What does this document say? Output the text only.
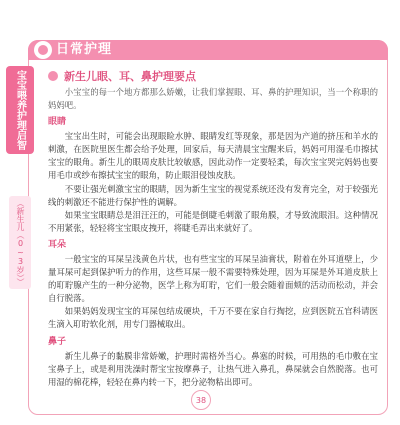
日常护理
宝宝喂养
护理
启智
（新生儿（0~3岁））
新生儿眼、耳、鼻护理要点

小宝宝的每一个地方都那么娇嫩，让我们掌握眼、耳、鼻的护理知识，当一个称职的妈妈吧。

眼睛

宝宝出生时，可能会出现眼睑水肿、眼睛发红等现象，那是因为产道的挤压和羊水的刺激，在医院里医生都会给予处理，回家后，每天清晨宝宝醒来后，妈妈可用湿毛巾擦拭宝宝的眼角。新生儿的眼周皮肤比较敏感，因此动作一定要轻柔，每次宝宝哭完妈妈也要用毛巾或纱布擦拭宝宝的眼角，防止眼泪侵蚀皮肤。

不要让强光刺激宝宝的眼睛，因为新生宝宝的视觉系统还没有发育完全，对于较强光线的刺激还不能进行保护性的调解。

如果宝宝眼睛总是泪汪汪的，可能是倒睫毛刺激了眼角膜，才导致流眼泪。这种情况不用紧张，轻轻将宝宝眼皮拽开，将睫毛弄出来就好了。

耳朵

一般宝宝的耳屎呈浅黄色片状，也有些宝宝的耳屎呈油膏状，附着在外耳道壁上，少量耳屎可起到保护听力的作用，这些耳屎一般不需要特殊处理，因为耳屎是外耳道皮肤上的耵聍腺产生的一种分泌物，医学上称为耵聍，它们一般会随着面颊的活动而松动，并会自行脱落。

如果妈妈发现宝宝的耳屎包结成硬块，千万不要在家自行掏挖，应到医院五官科请医生滴入耵聍软化剂，用专门器械取出。

鼻子

新生儿鼻子的黏膜非常娇嫩，护理时需格外当心。鼻塞的时候，可用热的毛巾敷在宝宝鼻子上，或是利用洗澡时帮宝宝按摩鼻子，让热气进入鼻孔，鼻屎就会自然脱落。也可用湿的棉花棒，轻轻在鼻内转一下，把分泌物粘出即可。

38
